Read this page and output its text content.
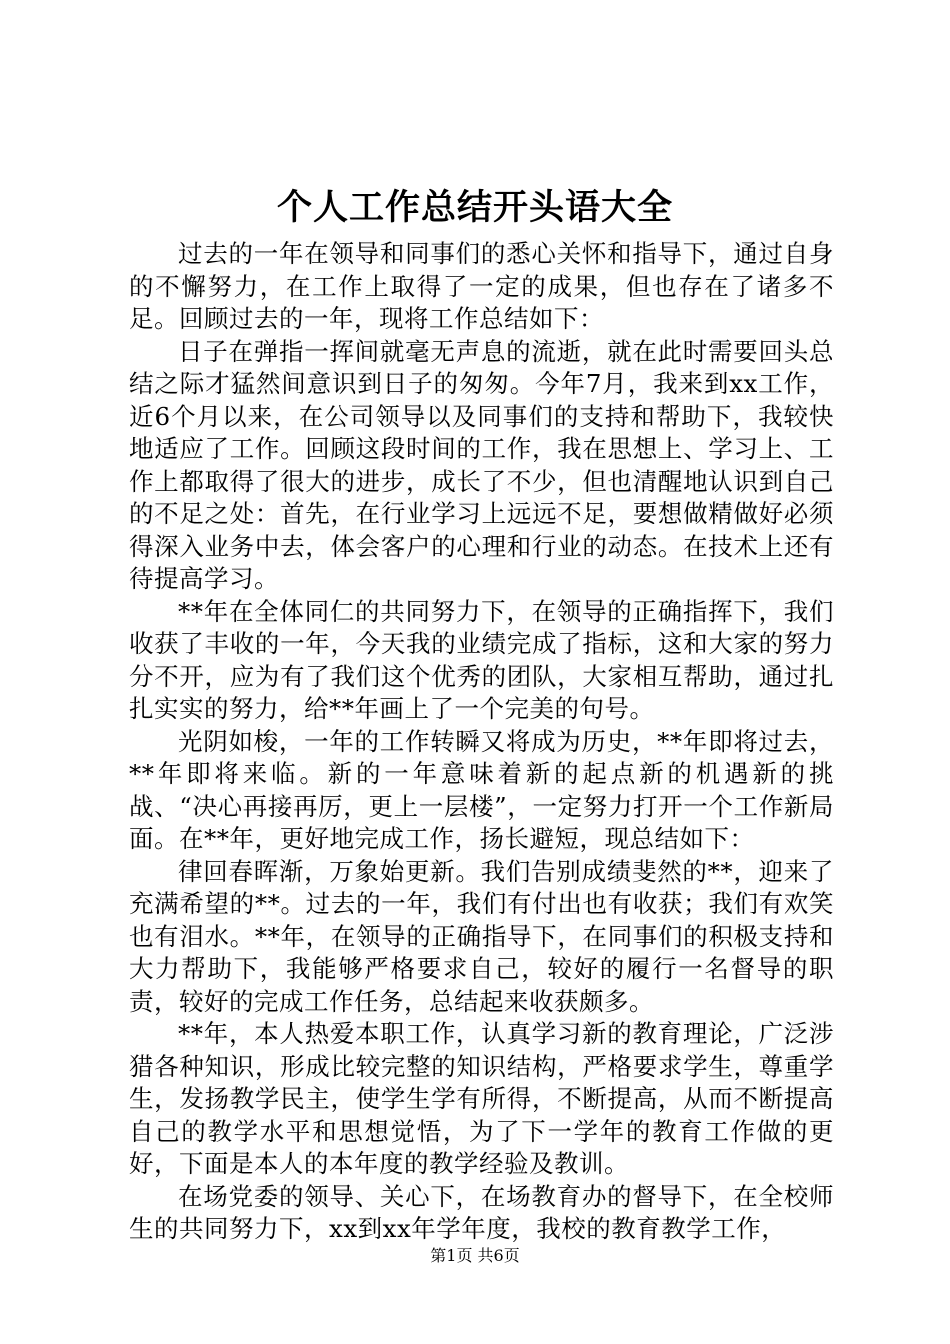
个人工作总结开头语大全

过去的一年在领导和同事们的悉心关怀和指导下，通过自身的不懈努力，在工作上取得了一定的成果，但也存在了诸多不足。回顾过去的一年，现将工作总结如下：

日子在弹指一挥间就毫无声息的流逝，就在此时需要回头总结之际才猛然间意识到日子的匆匆。今年7月，我来到xx工作，近6个月以来，在公司领导以及同事们的支持和帮助下，我较快地适应了工作。回顾这段时间的工作，我在思想上、学习上、工作上都取得了很大的进步，成长了不少，但也清醒地认识到自己的不足之处：首先，在行业学习上远远不足，要想做精做好必须得深入业务中去，体会客户的心理和行业的动态。在技术上还有待提高学习。

**年在全体同仁的共同努力下，在领导的正确指挥下，我们收获了丰收的一年，今天我的业绩完成了指标，这和大家的努力分不开，应为有了我们这个优秀的团队，大家相互帮助，通过扎扎实实的努力，给**年画上了一个完美的句号。

光阴如梭，一年的工作转瞬又将成为历史，**年即将过去，**年即将来临。新的一年意味着新的起点新的机遇新的挑战、“决心再接再厉，更上一层楼”，一定努力打开一个工作新局面。在**年，更好地完成工作，扬长避短，现总结如下：

律回春晖渐，万象始更新。我们告别成绩斐然的**，迎来了充满希望的**。过去的一年，我们有付出也有收获；我们有欢笑也有泪水。**年，在领导的正确指导下，在同事们的积极支持和大力帮助下，我能够严格要求自己，较好的履行一名督导的职责，较好的完成工作任务，总结起来收获颇多。

**年，本人热爱本职工作，认真学习新的教育理论，广泛涉猎各种知识，形成比较完整的知识结构，严格要求学生，尊重学生，发扬教学民主，使学生学有所得，不断提高，从而不断提高自己的教学水平和思想觉悟，为了下一学年的教育工作做的更好，下面是本人的本年度的教学经验及教训。

在场党委的领导、关心下，在场教育办的督导下，在全校师生的共同努力下，xx到xx年学年度，我校的教育教学工作，

第1页 共6页
